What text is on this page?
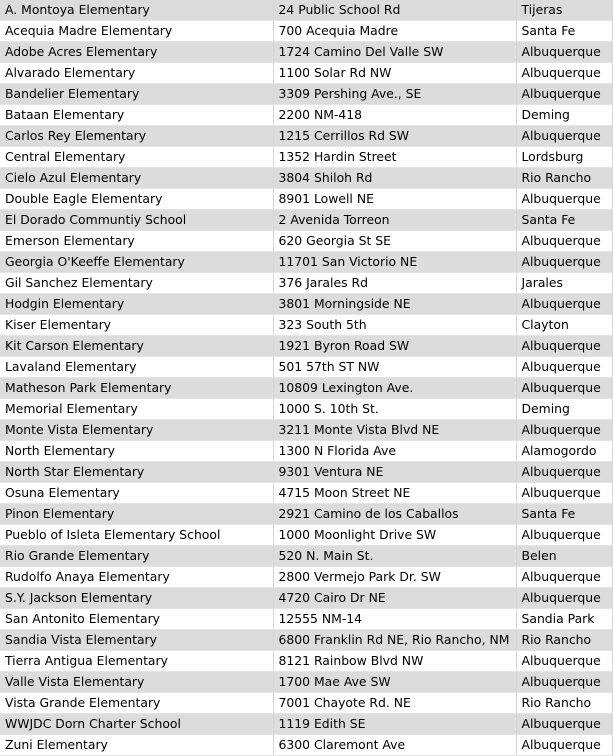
A. Montoya Elementary	24 Public School Rd	Tijeras
Acequia Madre Elementary	700 Acequia Madre	Santa Fe
Adobe Acres Elementary	1724 Camino Del Valle SW	Albuquerque
Alvarado Elementary	1100 Solar Rd NW	Albuquerque
Bandelier Elementary	3309 Pershing Ave., SE	Albuquerque
Bataan Elementary	2200 NM-418	Deming
Carlos Rey Elementary	1215 Cerrillos Rd SW	Albuquerque
Central Elementary	1352 Hardin Street	Lordsburg
Cielo Azul Elementary	3804 Shiloh Rd	Rio Rancho
Double Eagle Elementary	8901 Lowell NE	Albuquerque
El Dorado Communtiy School	2 Avenida Torreon	Santa Fe
Emerson Elementary	620 Georgia St SE	Albuquerque
Georgia O'Keeffe Elementary	11701 San Victorio NE	Albuquerque
Gil Sanchez Elementary	376 Jarales Rd	Jarales
Hodgin Elementary	3801 Morningside NE	Albuquerque
Kiser Elementary	323 South 5th	Clayton
Kit Carson Elementary	1921 Byron Road SW	Albuquerque
Lavaland Elementary	501 57th ST NW	Albuquerque
Matheson Park Elementary	10809 Lexington Ave.	Albuquerque
Memorial Elementary	1000 S. 10th St.	Deming
Monte Vista Elementary	3211 Monte Vista Blvd NE	Albuquerque
North Elementary	1300 N Florida Ave	Alamogordo
North Star Elementary	9301 Ventura NE	Albuquerque
Osuna Elementary	4715 Moon Street NE	Albuquerque
Pinon Elementary	2921 Camino de los Caballos	Santa Fe
Pueblo of Isleta Elementary School	1000 Moonlight Drive SW	Albuquerque
Rio Grande Elementary	520 N. Main St.	Belen
Rudolfo Anaya Elementary	2800 Vermejo Park Dr. SW	Albuquerque
S.Y. Jackson Elementary	4720 Cairo Dr NE	Albuquerque
San Antonito Elementary	12555 NM-14	Sandia Park
Sandia Vista Elementary	6800 Franklin Rd NE, Rio Rancho, NM	Rio Rancho
Tierra Antigua Elementary	8121 Rainbow Blvd NW	Albuquerque
Valle Vista Elementary	1700 Mae Ave SW	Albuquerque
Vista Grande Elementary	7001 Chayote Rd. NE	Rio Rancho
WWJDC Dorn Charter School	1119 Edith SE	Albuquerque
Zuni Elementary	6300 Claremont Ave	Albuquerque
